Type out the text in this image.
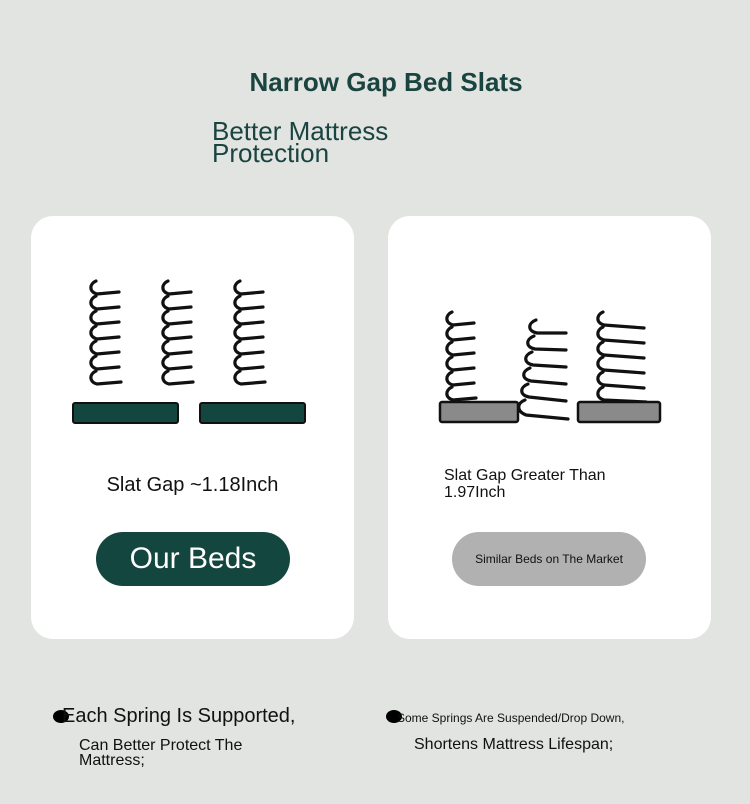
Narrow Gap Bed Slats
Better Mattress Protection
Slat Gap ~1.18Inch
Our Beds
Slat Gap Greater Than 1.97Inch
Similar Beds on The Market
Each Spring Is Supported,
Can Better Protect The Mattress;
Some Springs Are Suspended/Drop Down,
Shortens Mattress Lifespan;
